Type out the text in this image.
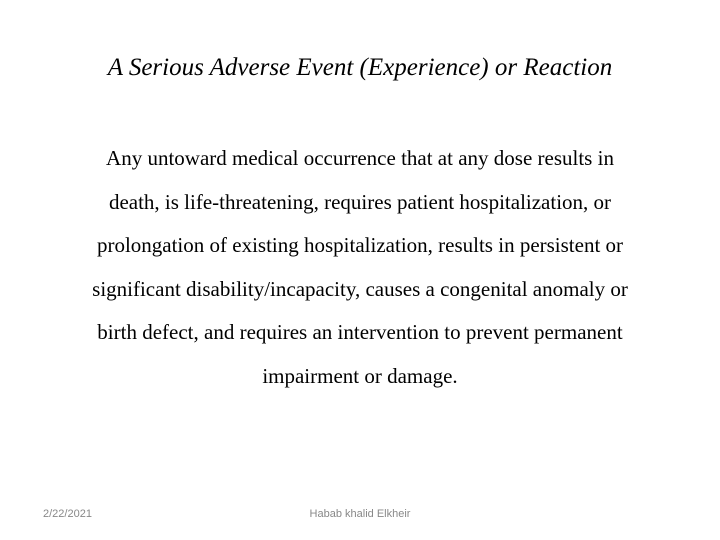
A Serious Adverse Event (Experience) or Reaction
Any untoward medical occurrence that at any dose results in
death, is life-threatening, requires patient hospitalization, or
prolongation of existing hospitalization, results in persistent or
significant disability/incapacity, causes a congenital anomaly or
birth defect, and requires an intervention to prevent permanent
impairment or damage.
2/22/2021	Habab khalid Elkheir
